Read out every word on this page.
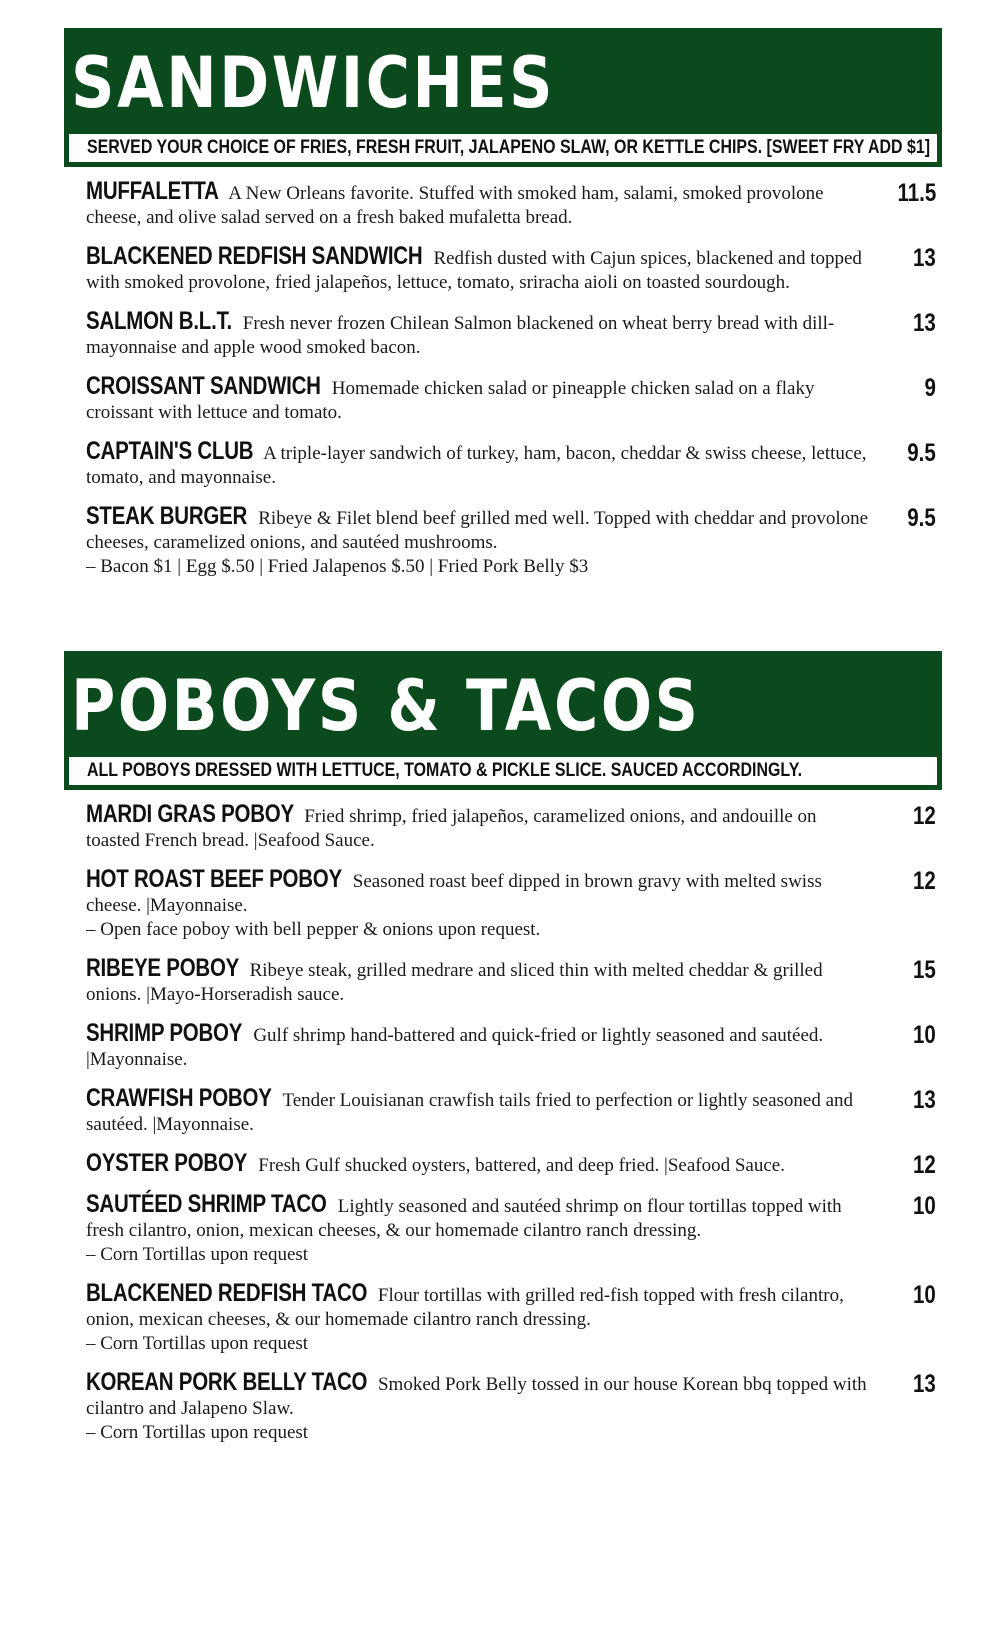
SANDWICHES
SERVED YOUR CHOICE OF FRIES, FRESH FRUIT, JALAPENO SLAW, OR KETTLE CHIPS. [SWEET FRY ADD $1]
MUFFALETTA A New Orleans favorite. Stuffed with smoked ham, salami, smoked provolone cheese, and olive salad served on a fresh baked mufaletta bread.
11.5
BLACKENED REDFISH SANDWICH Redfish dusted with Cajun spices, blackened and topped with smoked provolone, fried jalapeños, lettuce, tomato, sriracha aioli on toasted sourdough.
13
SALMON B.L.T. Fresh never frozen Chilean Salmon blackened on wheat berry bread with dill-mayonnaise and apple wood smoked bacon.
13
CROISSANT SANDWICH Homemade chicken salad or pineapple chicken salad on a flaky croissant with lettuce and tomato.
9
CAPTAIN'S CLUB A triple-layer sandwich of turkey, ham, bacon, cheddar & swiss cheese, lettuce, tomato, and mayonnaise.
9.5
STEAK BURGER Ribeye & Filet blend beef grilled med well. Topped with cheddar and provolone cheeses, caramelized onions, and sautéed mushrooms.
– Bacon $1 | Egg $.50 | Fried Jalapenos $.50 | Fried Pork Belly $3
9.5
POBOYS & TACOS
ALL POBOYS DRESSED WITH LETTUCE, TOMATO & PICKLE SLICE. SAUCED ACCORDINGLY.
MARDI GRAS POBOY Fried shrimp, fried jalapeños, caramelized onions, and andouille on toasted French bread. |Seafood Sauce.
12
HOT ROAST BEEF POBOY Seasoned roast beef dipped in brown gravy with melted swiss cheese. |Mayonnaise.
– Open face poboy with bell pepper & onions upon request.
12
RIBEYE POBOY Ribeye steak, grilled medrare and sliced thin with melted cheddar & grilled onions. |Mayo-Horseradish sauce.
15
SHRIMP POBOY Gulf shrimp hand-battered and quick-fried or lightly seasoned and sautéed. |Mayonnaise.
10
CRAWFISH POBOY Tender Louisianan crawfish tails fried to perfection or lightly seasoned and sautéed. |Mayonnaise.
13
OYSTER POBOY Fresh Gulf shucked oysters, battered, and deep fried. |Seafood Sauce.	12
SAUTÉED SHRIMP TACO Lightly seasoned and sautéed shrimp on flour tortillas topped with fresh cilantro, onion, mexican cheeses, & our homemade cilantro ranch dressing.
– Corn Tortillas upon request
10
BLACKENED REDFISH TACO Flour tortillas with grilled red-fish topped with fresh cilantro, onion, mexican cheeses, & our homemade cilantro ranch dressing.
– Corn Tortillas upon request
10
KOREAN PORK BELLY TACO Smoked Pork Belly tossed in our house Korean bbq topped with cilantro and Jalapeno Slaw.
– Corn Tortillas upon request
13
